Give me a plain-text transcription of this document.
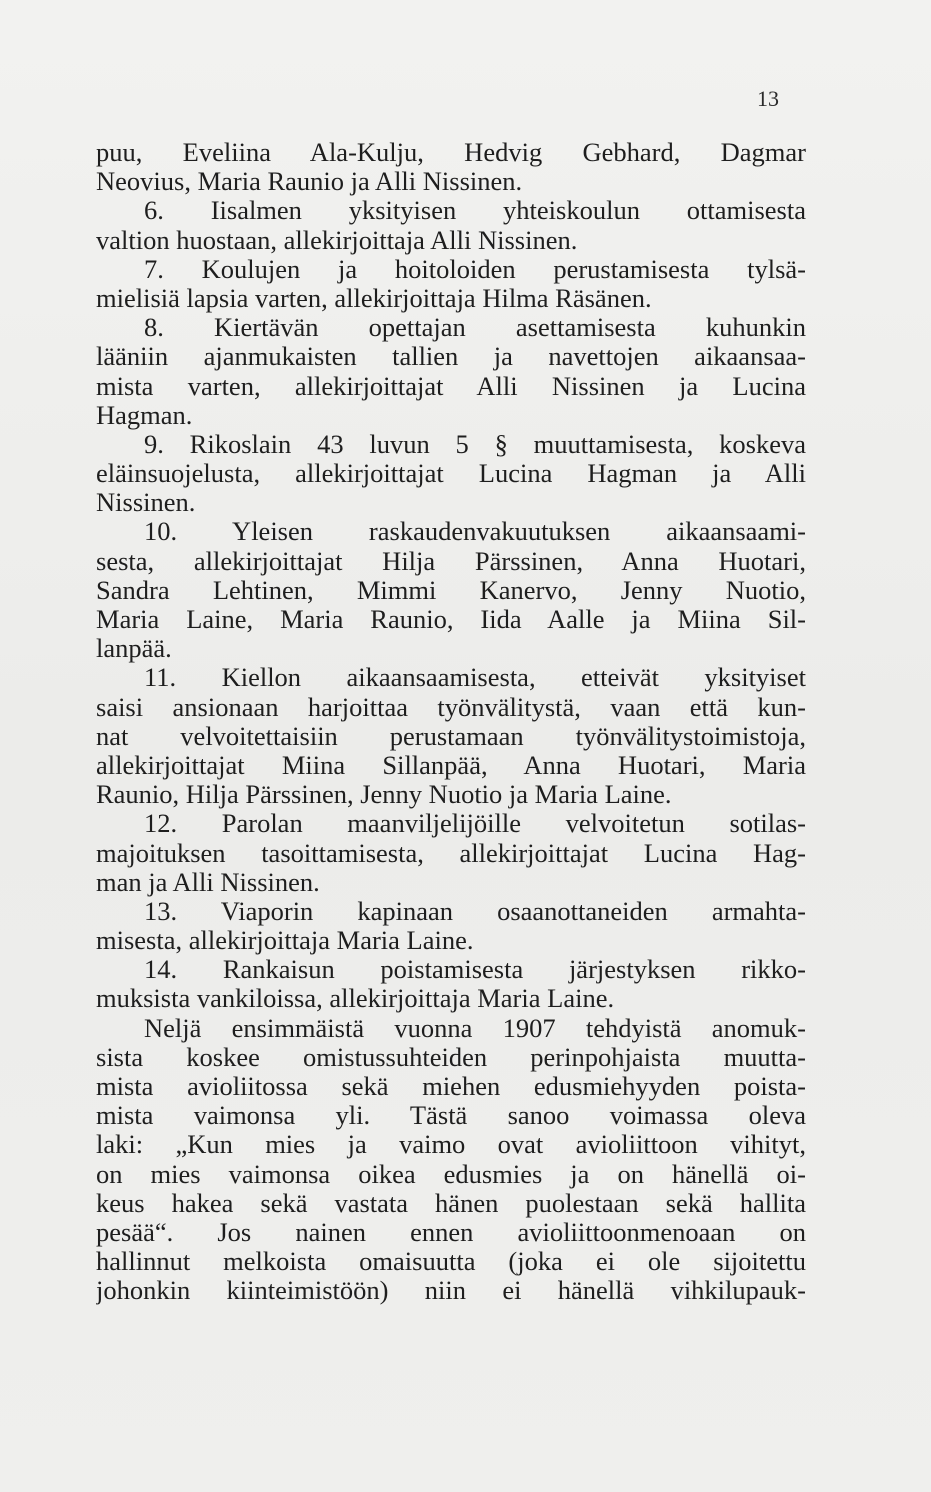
13
puu, Eveliina Ala-Kulju, Hedvig Gebhard, Dagmar
Neovius, Maria Raunio ja Alli Nissinen.
6. Iisalmen yksityisen yhteiskoulun ottamisesta
valtion huostaan, allekirjoittaja Alli Nissinen.
7. Koulujen ja hoitoloiden perustamisesta tylsä-
mielisiä lapsia varten, allekirjoittaja Hilma Räsänen.
8. Kiertävän opettajan asettamisesta kuhunkin
lääniin ajanmukaisten tallien ja navettojen aikaansaa-
mista varten, allekirjoittajat Alli Nissinen ja Lucina
Hagman.
9. Rikoslain 43 luvun 5 § muuttamisesta, koskeva
eläinsuojelusta, allekirjoittajat Lucina Hagman ja Alli
Nissinen.
10. Yleisen raskaudenvakuutuksen aikaansaami-
sesta, allekirjoittajat Hilja Pärssinen, Anna Huotari,
Sandra Lehtinen, Mimmi Kanervo, Jenny Nuotio,
Maria Laine, Maria Raunio, Iida Aalle ja Miina Sil-
lanpää.
11. Kiellon aikaansaamisesta, etteivät yksityiset
saisi ansionaan harjoittaa työnvälitystä, vaan että kun-
nat velvoitettaisiin perustamaan työnvälitystoimistoja,
allekirjoittajat Miina Sillanpää, Anna Huotari, Maria
Raunio, Hilja Pärssinen, Jenny Nuotio ja Maria Laine.
12. Parolan maanviljelijöille velvoitetun sotilas-
majoituksen tasoittamisesta, allekirjoittajat Lucina Hag-
man ja Alli Nissinen.
13. Viaporin kapinaan osaanottaneiden armahta-
misesta, allekirjoittaja Maria Laine.
14. Rankaisun poistamisesta järjestyksen rikko-
muksista vankiloissa, allekirjoittaja Maria Laine.
Neljä ensimmäistä vuonna 1907 tehdyistä anomuk-
sista koskee omistussuhteiden perinpohjaista muutta-
mista avioliitossa sekä miehen edusmiehyyden poista-
mista vaimonsa yli. Tästä sanoo voimassa oleva
laki: „Kun mies ja vaimo ovat avioliittoon vihityt,
on mies vaimonsa oikea edusmies ja on hänellä oi-
keus hakea sekä vastata hänen puolestaan sekä hallita
pesää“. Jos nainen ennen avioliittoonmenoaan on
hallinnut melkoista omaisuutta (joka ei ole sijoitettu
johonkin kiinteimistöön) niin ei hänellä vihkilupauk-
